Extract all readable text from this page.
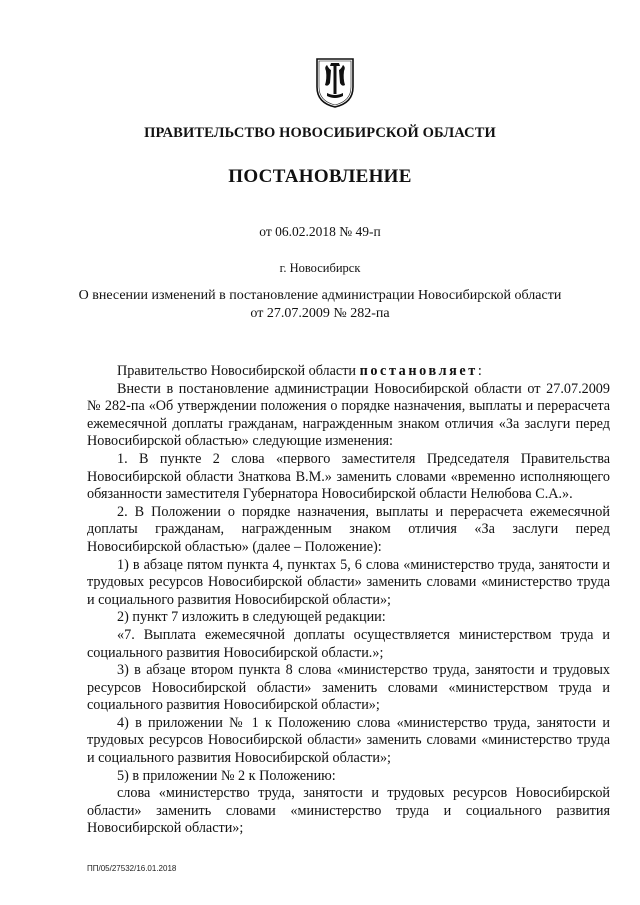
ПРАВИТЕЛЬСТВО НОВОСИБИРСКОЙ ОБЛАСТИ
ПОСТАНОВЛЕНИЕ
от 06.02.2018 № 49-п
г. Новосибирск
О внесении изменений в постановление администрации Новосибирской области
от 27.07.2009 № 282-па

Правительство Новосибирской области постановляет:

Внести в постановление администрации Новосибирской области от 27.07.2009 № 282-па «Об утверждении положения о порядке назначения, выплаты и перерасчета ежемесячной доплаты гражданам, награжденным знаком отличия «За заслуги перед Новосибирской областью» следующие изменения:

1. В пункте 2 слова «первого заместителя Председателя Правительства Новосибирской области Знаткова В.М.» заменить словами «временно исполняющего обязанности заместителя Губернатора Новосибирской области Нелюбова С.А.».

2. В Положении о порядке назначения, выплаты и перерасчета ежемесячной доплаты гражданам, награжденным знаком отличия «За заслуги перед Новосибирской областью» (далее – Положение):

1) в абзаце пятом пункта 4, пунктах 5, 6 слова «министерство труда, занятости и трудовых ресурсов Новосибирской области» заменить словами «министерство труда и социального развития Новосибирской области»;

2) пункт 7 изложить в следующей редакции:

«7. Выплата ежемесячной доплаты осуществляется министерством труда и социального развития Новосибирской области.»;

3) в абзаце втором пункта 8 слова «министерство труда, занятости и трудовых ресурсов Новосибирской области» заменить словами «министерством труда и социального развития Новосибирской области»;

4) в приложении № 1 к Положению слова «министерство труда, занятости и трудовых ресурсов Новосибирской области» заменить словами «министерство труда и социального развития Новосибирской области»;

5) в приложении № 2 к Положению:

слова «министерство труда, занятости и трудовых ресурсов Новосибирской области» заменить словами «министерство труда и социального развития Новосибирской области»;

ПП/05/27532/16.01.2018
